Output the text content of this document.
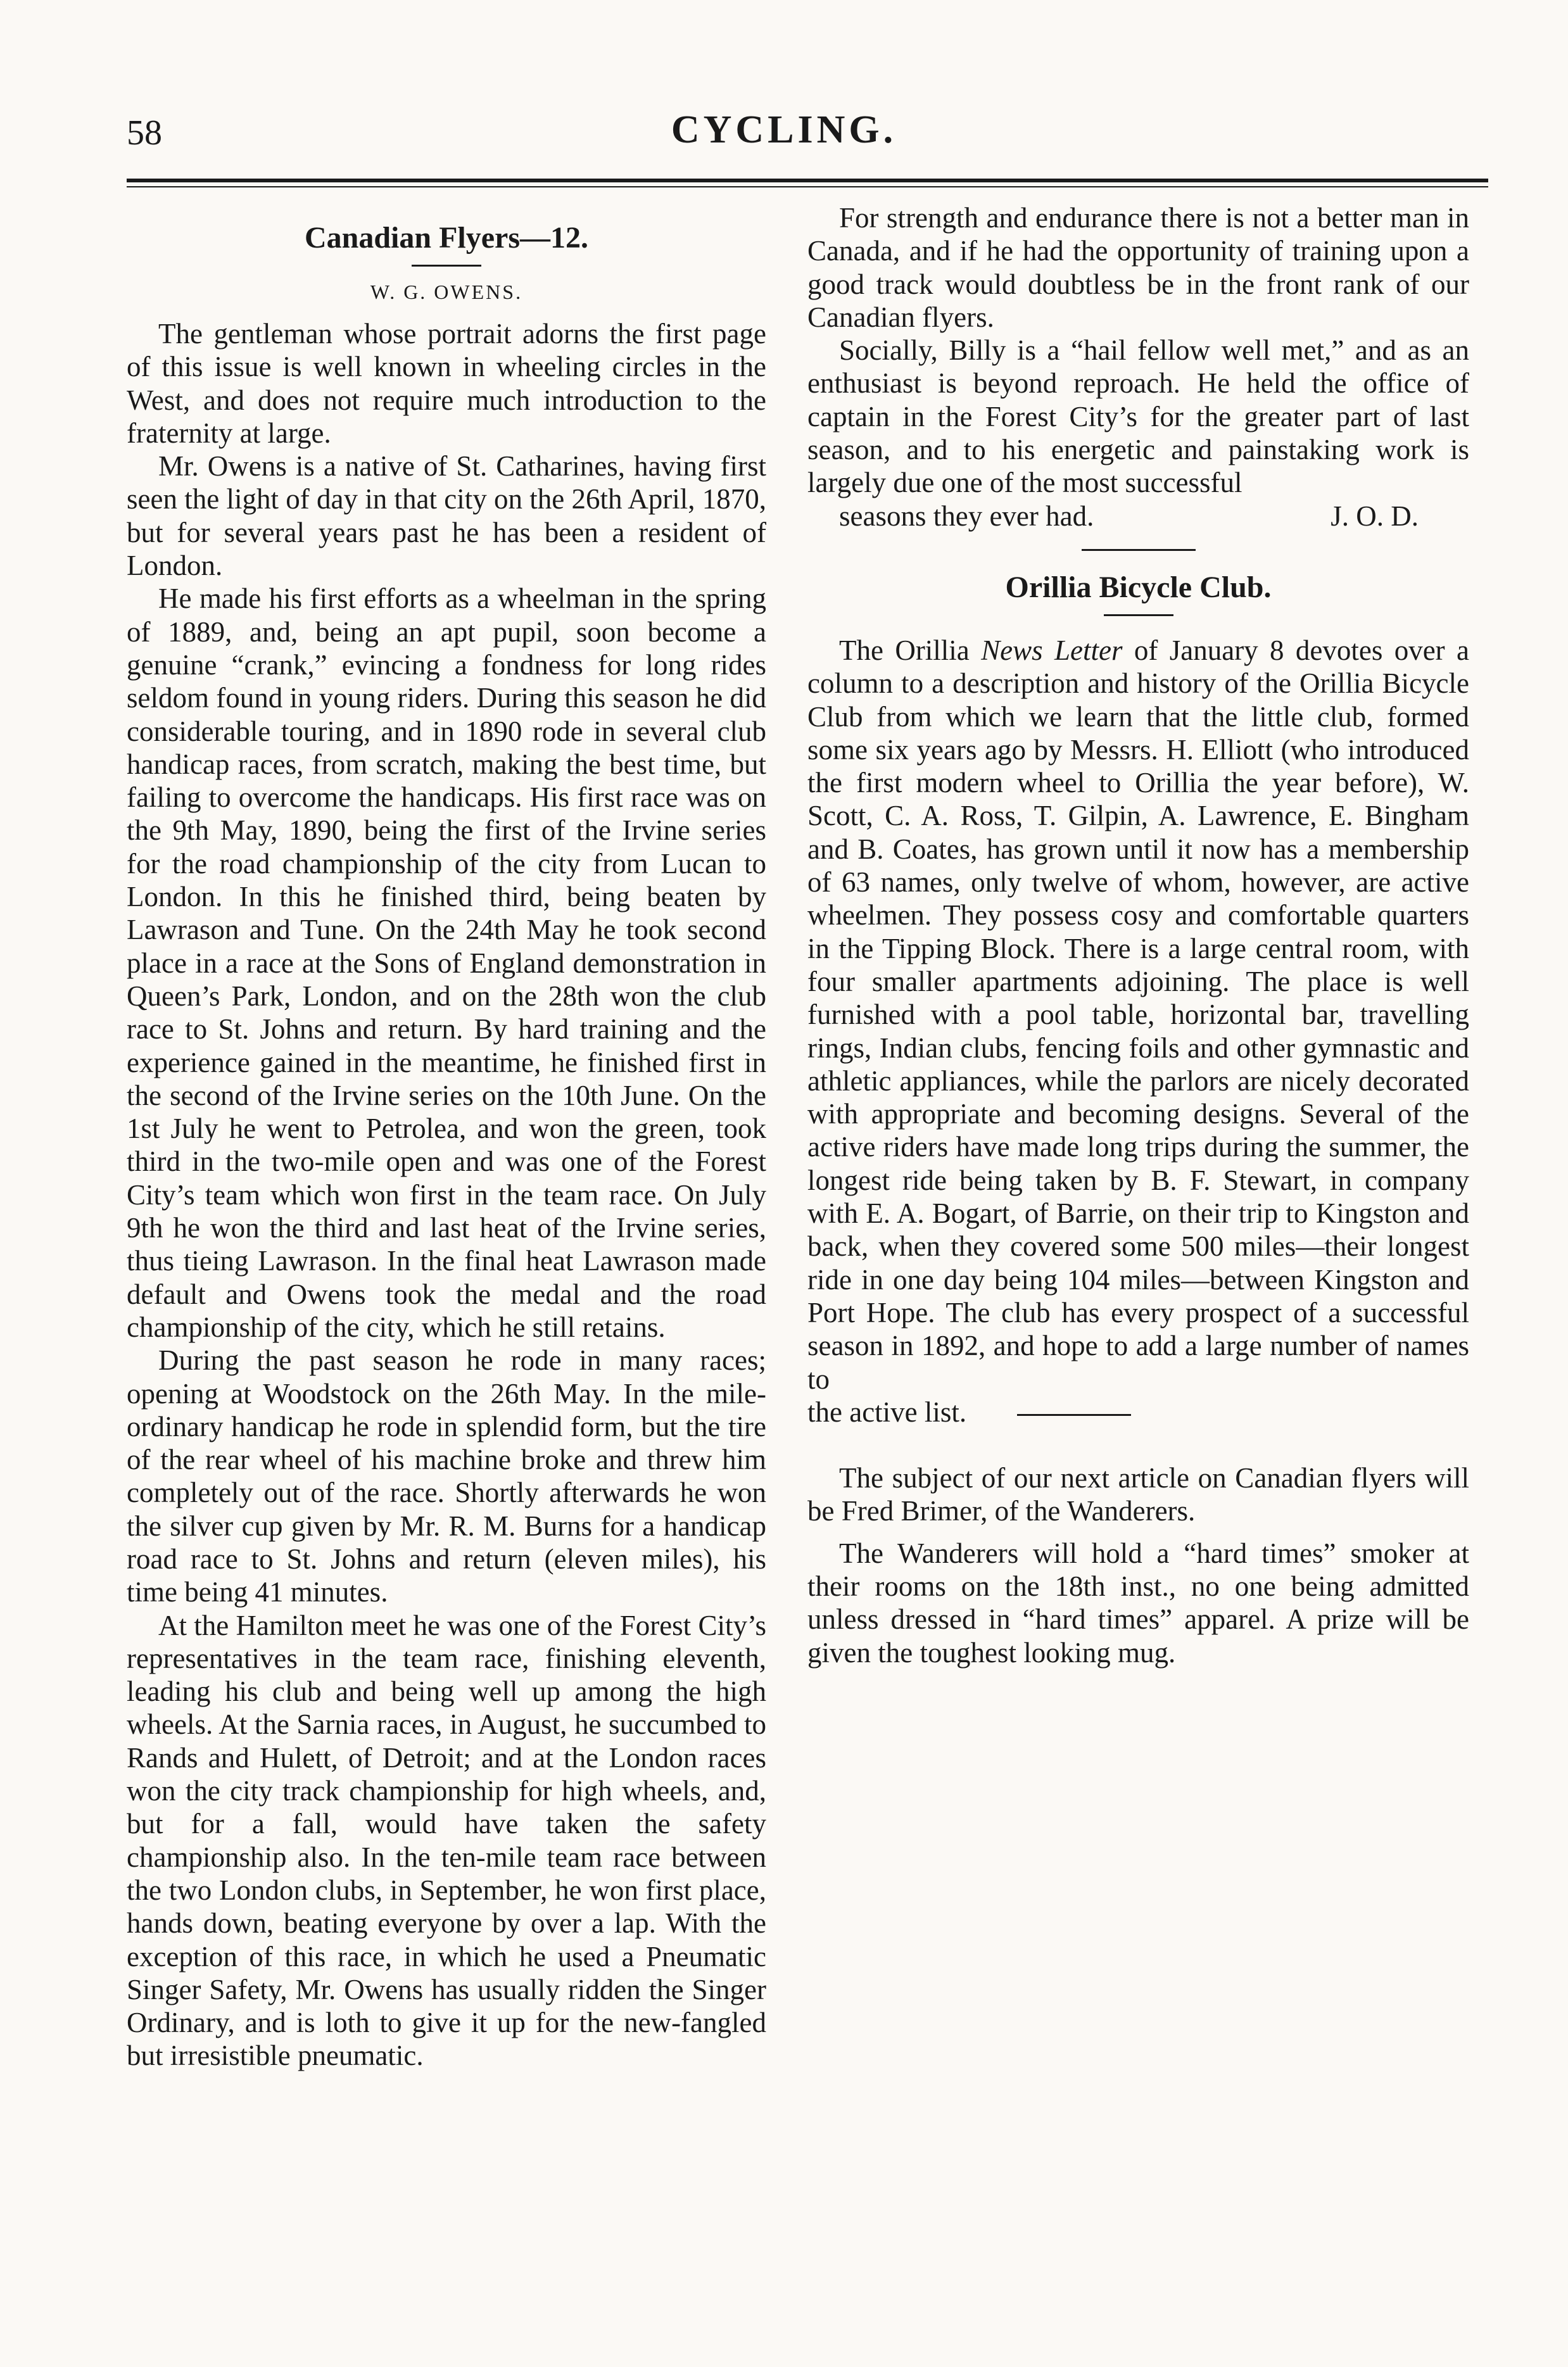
58	CYCLING.
Canadian Flyers—12.
W. G. OWENS.

The gentleman whose portrait adorns the first page of this issue is well known in wheeling circles in the West, and does not require much introduction to the fraternity at large.

Mr. Owens is a native of St. Catharines, having first seen the light of day in that city on the 26th April, 1870, but for several years past he has been a resident of London.

He made his first efforts as a wheelman in the spring of 1889, and, being an apt pupil, soon become a genuine “crank,” evincing a fondness for long rides seldom found in young riders. During this season he did considerable touring, and in 1890 rode in several club handicap races, from scratch, making the best time, but failing to overcome the handicaps. His first race was on the 9th May, 1890, being the first of the Irvine series for the road championship of the city from Lucan to London. In this he finished third, being beaten by Lawrason and Tune. On the 24th May he took second place in a race at the Sons of England demonstration in Queen’s Park, London, and on the 28th won the club race to St. Johns and return. By hard training and the experience gained in the meantime, he finished first in the second of the Irvine series on the 10th June. On the 1st July he went to Petrolea, and won the green, took third in the two-mile open and was one of the Forest City’s team which won first in the team race. On July 9th he won the third and last heat of the Irvine series, thus tieing Lawrason. In the final heat Lawrason made default and Owens took the medal and the road championship of the city, which he still retains.

During the past season he rode in many races; opening at Woodstock on the 26th May. In the mile-ordinary handicap he rode in splendid form, but the tire of the rear wheel of his machine broke and threw him completely out of the race. Shortly afterwards he won the silver cup given by Mr. R. M. Burns for a handicap road race to St. Johns and return (eleven miles), his time being 41 minutes.

At the Hamilton meet he was one of the Forest City’s representatives in the team race, finishing eleventh, leading his club and being well up among the high wheels. At the Sarnia races, in August, he succumbed to Rands and Hulett, of Detroit; and at the London races won the city track championship for high wheels, and, but for a fall, would have taken the safety championship also. In the ten-mile team race between the two London clubs, in September, he won first place, hands down, beating everyone by over a lap. With the exception of this race, in which he used a Pneumatic Singer Safety, Mr. Owens has usually ridden the Singer Ordinary, and is loth to give it up for the new-fangled but irresistible pneumatic.

For strength and endurance there is not a better man in Canada, and if he had the opportunity of training upon a good track would doubtless be in the front rank of our Canadian flyers.

Socially, Billy is a “hail fellow well met,” and as an enthusiast is beyond reproach. He held the office of captain in the Forest City’s for the greater part of last season, and to his energetic and painstaking work is largely due one of the most successful
seasons they ever had.	J. O. D.

Orillia Bicycle Club.

The Orillia News Letter of January 8 devotes over a column to a description and history of the Orillia Bicycle Club from which we learn that the little club, formed some six years ago by Messrs. H. Elliott (who introduced the first modern wheel to Orillia the year before), W. Scott, C. A. Ross, T. Gilpin, A. Lawrence, E. Bingham and B. Coates, has grown until it now has a membership of 63 names, only twelve of whom, however, are active wheelmen. They possess cosy and comfortable quarters in the Tipping Block. There is a large central room, with four smaller apartments adjoining. The place is well furnished with a pool table, horizontal bar, travelling rings, Indian clubs, fencing foils and other gymnastic and athletic appliances, while the parlors are nicely decorated with appropriate and becoming designs. Several of the active riders have made long trips during the summer, the longest ride being taken by B. F. Stewart, in company with E. A. Bogart, of Barrie, on their trip to Kingston and back, when they covered some 500 miles—their longest ride in one day being 104 miles—between Kingston and Port Hope. The club has every prospect of a successful season in 1892, and hope to add a large number of names to
the active list.

The subject of our next article on Canadian flyers will be Fred Brimer, of the Wanderers.

The Wanderers will hold a “hard times” smoker at their rooms on the 18th inst., no one being admitted unless dressed in “hard times” apparel. A prize will be given the toughest looking mug.
